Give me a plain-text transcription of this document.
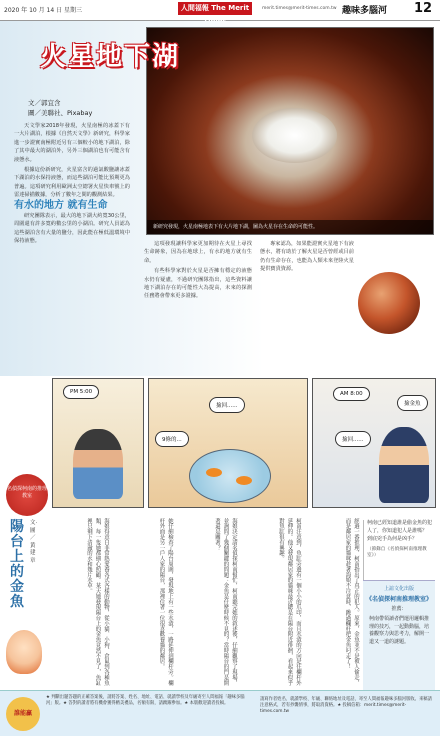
2020 年 10 月 14 日 星期三	人間福報 The Merit	merit.times@merit-times.com.tw 趣味多腦河 12
新研究發現，火星南極地表下有大片地下湖，圖為火星存在生命的可能性。
火星地下湖
文／郭宜含
圖／美聯社、Pixabay

天文學家2018年發現，火星南極的冰蓋下有一大片湖泊，根據《自然天文學》新研究，科學家進一步證實南極附近另有三個較小的地下湖泊，除了其中最大的湖泊外，另外三個湖泊也有可能含有液態水。

根據這份新研究，火星富含的過氯酸鹽讓冰蓋下湖泊的水保持液態，而這些湖泊可能比預期更為普遍。這項研究利用歐洲太空總署火星快車號上的雷達掃描數據，分析了數年之間的觀測結果。

有水的地方 就有生命

研究團隊表示，最大的地下湖大約寬30公里，周圍還有許多寬約數公里的小湖泊。研究人員認為這些湖泊含有大量的鹽分，因此能在極低溫環境中保持液態。	這項發現讓科學家更加期待在火星上尋找生命跡象，因為在地球上，有水的地方就有生命。

有些科學家對於火星是否擁有穩定的液態水仍有疑慮，不過研究團隊指出，這些資料讓地下湖泊存在的可能性大為提高，未來的探測任務將會帶來更多證據。

專家認為，如果能證實火星地下有液態水，將有助於了解火星是否曾經或目前仍有生命存在，也能為人類未來登陸火星提供寶貴資源。

PM 5:00
撿回......
9條的...
AM 8:00
撿回......
撿金魚
名偵探柯南的推理教室
陽台上的金魚
文‧圖／黃建章	海娘得意日非常熱愛養各式各樣的動物，從小貓、小狗、倉鼠到各種魚類，每一隻她都細心照顧。某天她發現陽台上的金魚竟然不見了，魚缸裡只剩下清澈的水和幾片水草。	她仔細檢查了陽台周圍，發現地上有一些水漬，一路延伸到欄杆旁。欄杆外面是另一戶人家的陽台，那裡住著一位很喜歡養貓的鄰居。	海娘決定請名偵探柯南幫忙，柯南聽完她的敘述後，仔細觀察了現場，並詢問了幾個關鍵的問題：金魚是什麼時候不見的？當時陽台的門是開著還是關著？	柯南注意到，魚缸旁邊有一個小小的爪印，而且水漬的方向是往欄杆外延伸的。他又發現鄰居家的貓咪最近總是在陽台附近徘徊，看起來似乎對魚缸很有興趣。	經過一番推理，柯南指出了真正的犯人。原來，金魚並不是被人偷走，而是鄰居家的貓咪趁著海娘不注意時，跳過欄杆把金魚叼走了！	柯南已經知道誰是偷金魚的犯人了，你知道犯人是誰嗎？
到底兇手為何是凶手？
（節錄自《名偵探柯南推理教室》）
上誼文化出版
《名偵探柯南推理教室》
推薦：
柯南帶領讀者們運用邏輯推理的技巧，一起動動腦，培養觀察力與思考力，解開一道又一道的謎題。
誰能贏
★ 判斷出題答題的正確答案後，請將答案、姓名、地址、電話、就讀學校及年級寄至人間福報「趣味多腦河」版。★ 答對的讀者將有機會獲得精美禮品，名額有限，請踴躍參加。★ 本版歡迎讀者投稿。
請寫作者姓名、就讀學校、年級、聯絡地址及電話，寄至人間福報趣味多腦河版收。來稿請注意格式，若有抄襲情事，將取消資格。★ 投稿信箱：merit.times@merit-times.com.tw
